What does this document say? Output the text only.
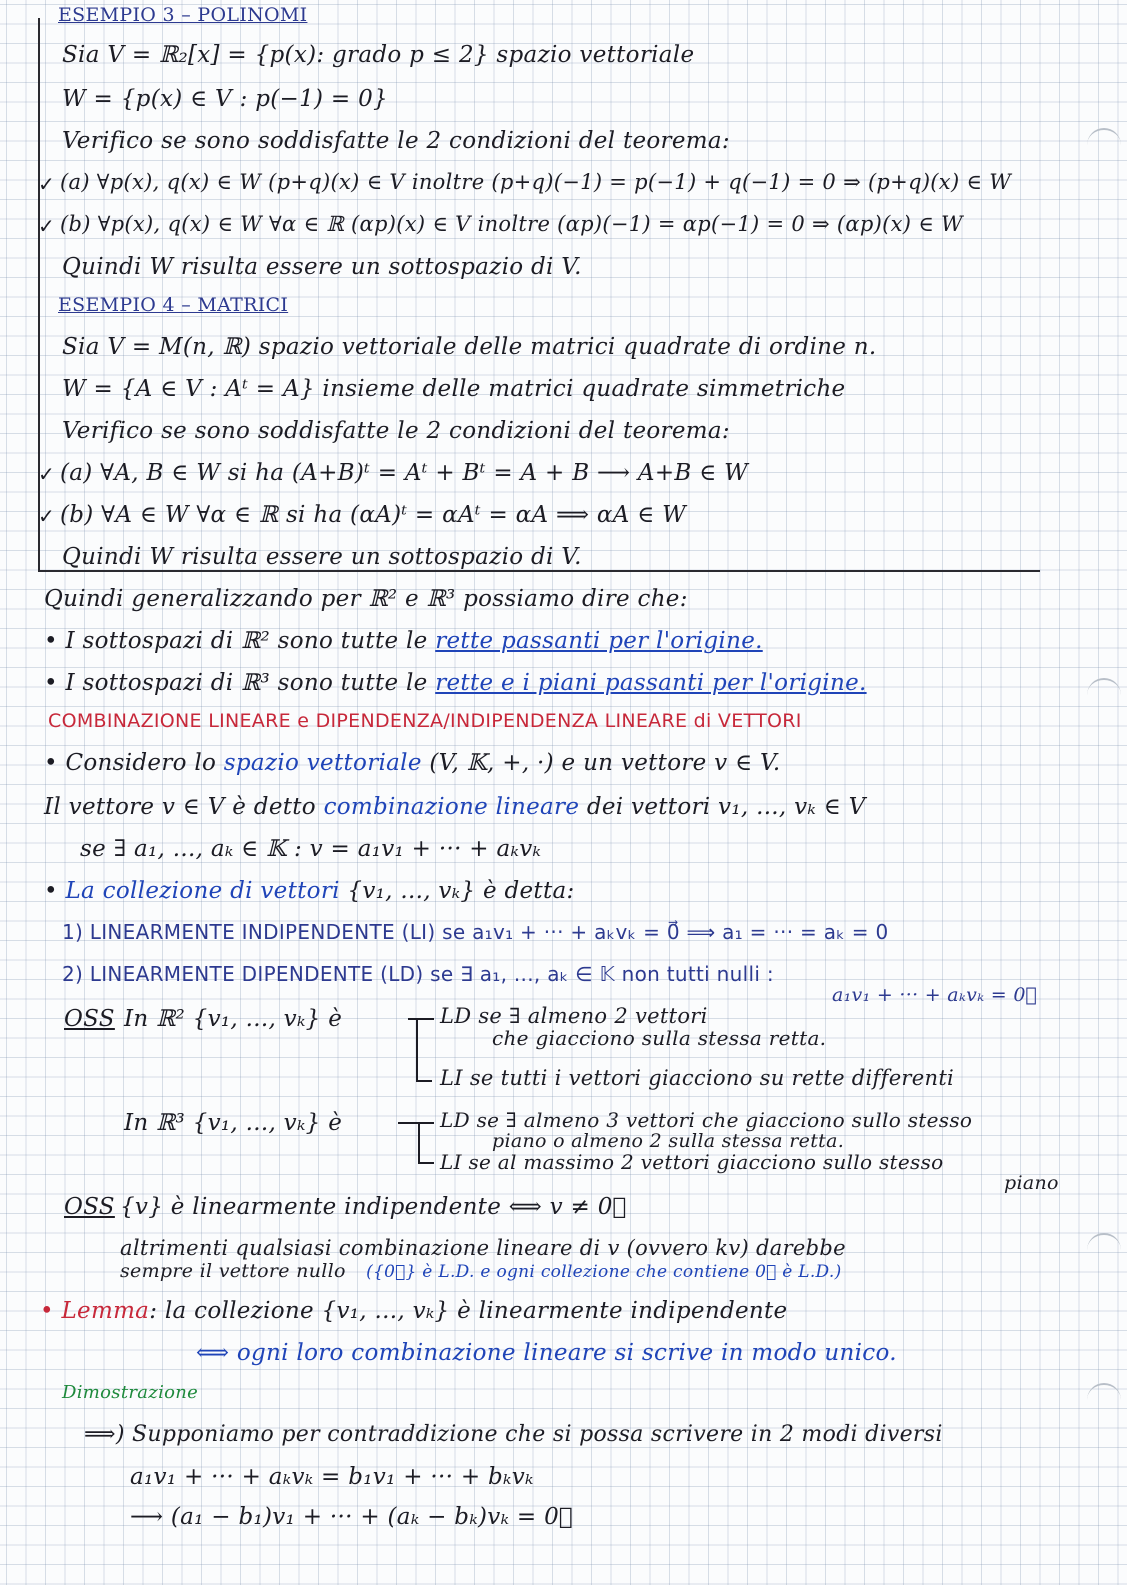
ESEMPIO 3 – POLINOMI
Sia V = ℝ₂[x] = {p(x): grado p ≤ 2} spazio vettoriale
W = {p(x) ∈ V : p(−1) = 0}
Verifico se sono soddisfatte le 2 condizioni del teorema:
✓ (a) ∀p(x), q(x) ∈ W (p+q)(x) ∈ V inoltre (p+q)(−1) = p(−1) + q(−1) = 0 ⇒ (p+q)(x) ∈ W
✓ (b) ∀p(x), q(x) ∈ W ∀α ∈ ℝ (αp)(x) ∈ V inoltre (αp)(−1) = αp(−1) = 0 ⇒ (αp)(x) ∈ W
Quindi W risulta essere un sottospazio di V.
ESEMPIO 4 – MATRICI
Sia V = M(n, ℝ) spazio vettoriale delle matrici quadrate di ordine n.
W = {A ∈ V : Aᵗ = A} insieme delle matrici quadrate simmetriche
Verifico se sono soddisfatte le 2 condizioni del teorema:
✓ (a) ∀A, B ∈ W si ha (A+B)ᵗ = Aᵗ + Bᵗ = A + B ⟶ A+B ∈ W
✓ (b) ∀A ∈ W ∀α ∈ ℝ si ha (αA)ᵗ = αAᵗ = αA ⟹ αA ∈ W
Quindi W risulta essere un sottospazio di V.
Quindi generalizzando per ℝ² e ℝ³ possiamo dire che:
• I sottospazi di ℝ² sono tutte le rette passanti per l'origine.
• I sottospazi di ℝ³ sono tutte le rette e i piani passanti per l'origine.
COMBINAZIONE LINEARE e DIPENDENZA/INDIPENDENZA LINEARE di VETTORI
• Considero lo spazio vettoriale (V, 𝕂, +, ·) e un vettore v ∈ V.
Il vettore v ∈ V è detto combinazione lineare dei vettori v₁, ..., vₖ ∈ V
se ∃ a₁, ..., aₖ ∈ 𝕂 : v = a₁v₁ + ··· + aₖvₖ
• La collezione di vettori {v₁, ..., vₖ} è detta:
1) LINEARMENTE INDIPENDENTE (LI) se a₁v₁ + ··· + aₖvₖ = 0⃗ ⟹ a₁ = ··· = aₖ = 0
2) LINEARMENTE DIPENDENTE (LD) se ∃ a₁, ..., aₖ ∈ 𝕂 non tutti nulli :
a₁v₁ + ··· + aₖvₖ = 0⃗
OSS In ℝ² {v₁, ..., vₖ} è	LD se ∃ almeno 2 vettori
che giacciono sulla stessa retta.
LI se tutti i vettori giacciono su rette differenti
In ℝ³ {v₁, ..., vₖ} è	LD se ∃ almeno 3 vettori che giacciono sullo stesso
piano o almeno 2 sulla stessa retta.
LI se al massimo 2 vettori giacciono sullo stesso
piano
OSS {v} è linearmente indipendente ⟺ v ≠ 0⃗
altrimenti qualsiasi combinazione lineare di v (ovvero kv) darebbe
sempre il vettore nullo ({0⃗} è L.D. e ogni collezione che contiene 0⃗ è L.D.)
• Lemma: la collezione {v₁, ..., vₖ} è linearmente indipendente
⟺ ogni loro combinazione lineare si scrive in modo unico.
Dimostrazione
⟹) Supponiamo per contraddizione che si possa scrivere in 2 modi diversi
a₁v₁ + ··· + aₖvₖ = b₁v₁ + ··· + bₖvₖ
⟶ (a₁ − b₁)v₁ + ··· + (aₖ − bₖ)vₖ = 0⃗
